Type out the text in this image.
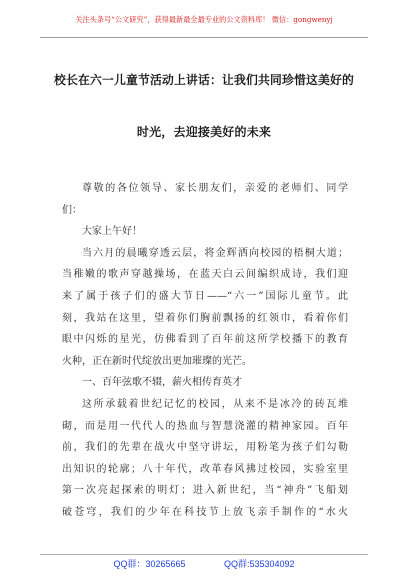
关注头条号“公文研究”，获得最新最全最专业的公文资料库！ 微信：gongwenyj
校长在六一儿童节活动上讲话：让我们共同珍惜这美好的
时光，去迎接美好的未来
尊敬的各位领导、家长朋友们，亲爱的老师们、同学
们：
大家上午好！
当六月的晨曦穿透云层，将金辉洒向校园的梧桐大道；
当稚嫩的歌声穿越操场，在蓝天白云间编织成诗，我们迎
来了属于孩子们的盛大节日——“六一”国际儿童节。此
刻，我站在这里，望着你们胸前飘扬的红领巾，看着你们
眼中闪烁的星光，仿佛看到了百年前这所学校播下的教育
火种，正在新时代绽放出更加璀璨的光芒。
一、百年弦歌不辍，薪火相传育英才
这所承载着世纪记忆的校园，从来不是冰冷的砖瓦堆
砌，而是用一代代人的热血与智慧浇灌的精神家园。百年
前，我们的先辈在战火中坚守讲坛，用粉笔为孩子们勾勒
出知识的轮廓；八十年代，改革春风拂过校园，实验室里
第一次亮起探索的明灯；进入新世纪，当“神舟”飞船划
破苍穹，我们的少年在科技节上放飞亲手制作的“水火
QQ群：30265665	QQ群:535304092
